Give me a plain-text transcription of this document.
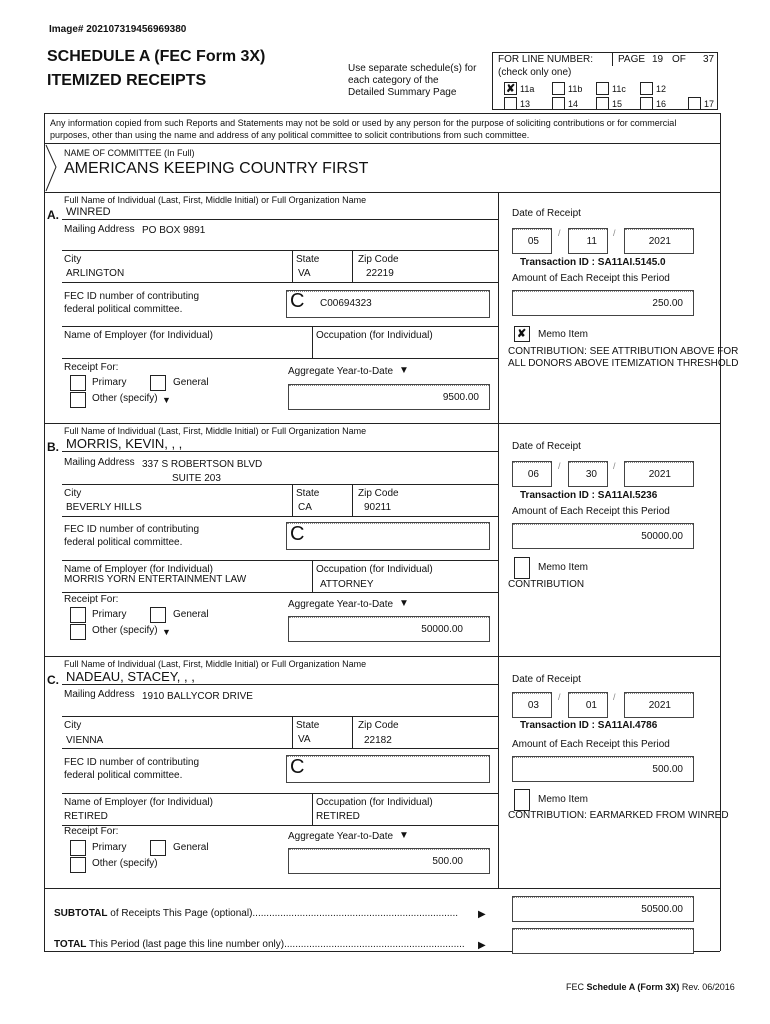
Image# 202107319456969380
SCHEDULE A (FEC Form 3X)
ITEMIZED RECEIPTS
Use separate schedule(s) for each category of the Detailed Summary Page
FOR LINE NUMBER:
(check only one)
PAGE 19 OF 37
✘ 11a	11b	11c	12
13	14	15	16	17
Any information copied from such Reports and Statements may not be sold or used by any person for the purpose of soliciting contributions or for commercial purposes, other than using the name and address of any political committee to solicit contributions from such committee.
NAME OF COMMITTEE (In Full)
AMERICANS KEEPING COUNTRY FIRST
Full Name of Individual (Last, First, Middle Initial) or Full Organization Name
A. WINRED
Mailing Address PO BOX 9891
City
ARLINGTON
State
VA
Zip Code
22219
FEC ID number of contributing
federal political committee.	C C00694323
Name of Employer (for Individual)	Occupation (for Individual)
Receipt For:
Primary	General
Other (specify) ▼
Aggregate Year-to-Date ▼
9500.00
Date of Receipt
05
/
11
/
2021
Transaction ID : SA11AI.5145.0
Amount of Each Receipt this Period
250.00
✘ Memo Item
CONTRIBUTION: SEE ATTRIBUTION ABOVE FOR ALL DONORS ABOVE ITEMIZATION THRESHOLD
Full Name of Individual (Last, First, Middle Initial) or Full Organization Name
B. MORRIS, KEVIN, , ,
Mailing Address 337 S ROBERTSON BLVD
SUITE 203
City
BEVERLY HILLS
State
CA
Zip Code
90211
FEC ID number of contributing
federal political committee.	C
Name of Employer (for Individual)
MORRIS YORN ENTERTAINMENT LAW
Occupation (for Individual)
ATTORNEY
Receipt For:
Primary	General
Other (specify) ▼
Aggregate Year-to-Date ▼
50000.00
Date of Receipt
06
/
30
/
2021
Transaction ID : SA11AI.5236
Amount of Each Receipt this Period
50000.00
Memo Item
CONTRIBUTION
Full Name of Individual (Last, First, Middle Initial) or Full Organization Name
C. NADEAU, STACEY, , ,
Mailing Address 1910 BALLYCOR DRIVE
City
VIENNA
State
VA
Zip Code
22182
FEC ID number of contributing
federal political committee.	C
Name of Employer (for Individual)
RETIRED
Occupation (for Individual)
RETIRED
Receipt For:
Primary	General
Other (specify)
Aggregate Year-to-Date ▼
500.00
Date of Receipt
03
/
01
/
2021
Transaction ID : SA11AI.4786
Amount of Each Receipt this Period
500.00
Memo Item
CONTRIBUTION: EARMARKED FROM WINRED
SUBTOTAL of Receipts This Page (optional)..........................................................................	▶	50500.00
TOTAL This Period (last page this line number only).................................................................	▶
FEC Schedule A (Form 3X) Rev. 06/2016
